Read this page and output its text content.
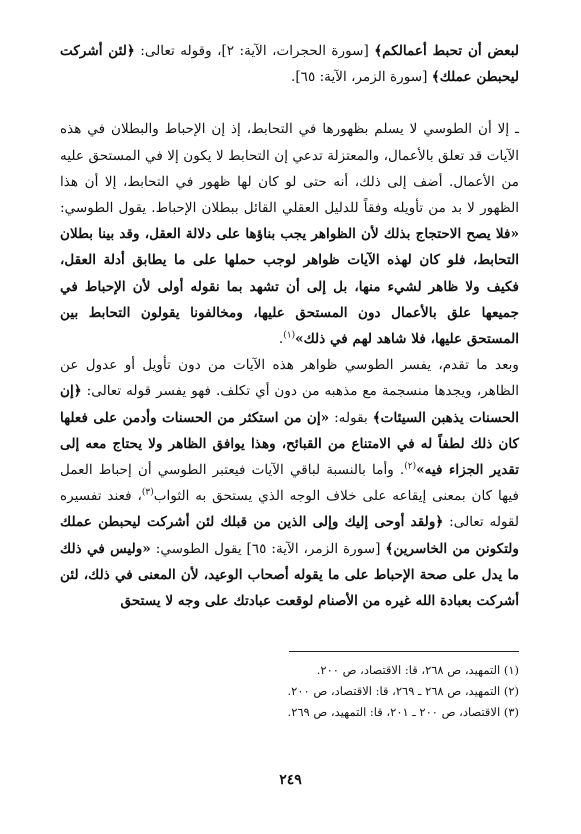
لبعض أن تحبط أعمالكم﴾ [سورة الحجرات، الآية: ٢]، وقوله تعالى: ﴿لئن أشركت ليحبطن عملك﴾ [سورة الزمر، الآية: ٦٥].

ـ إلا أن الطوسي لا يسلم بظهورها في التحابط، إذ إن الإحباط والبطلان في هذه الآيات قد تعلق بالأعمال، والمعتزلة تدعي إن التحابط لا يكون إلا في المستحق عليه من الأعمال. أضف إلى ذلك، أنه حتى لو كان لها ظهور في التحابط، إلا أن هذا الظهور لا بد من تأويله وفقاً للدليل العقلي القائل ببطلان الإحباط. يقول الطوسي: «فلا يصح الاحتجاج بذلك لأن الظواهر يجب بناؤها على دلالة العقل، وقد بينا بطلان التحابط، فلو كان لهذه الآيات ظواهر لوجب حملها على ما يطابق أدلة العقل، فكيف ولا ظاهر لشيء منها، بل إلى أن تشهد بما نقوله أولى لأن الإحباط في جميعها علق بالأعمال دون المستحق عليها، ومخالفونا يقولون التحابط بين المستحق عليها، فلا شاهد لهم في ذلك»$^{(١)}$.

وبعد ما تقدم، يفسر الطوسي ظواهر هذه الآيات من دون تأويل أو عدول عن الظاهر، ويجدها منسجمة مع مذهبه من دون أي تكلف. فهو يفسر قوله تعالى: ﴿إن الحسنات يذهبن السيئات﴾ بقوله: «إن من استكثر من الحسنات وأدمن على فعلها كان ذلك لطفاً له في الامتناع من القبائح، وهذا يوافق الظاهر ولا يحتاج معه إلى تقدير الجزاء فيه»$^{(٢)}$. وأما بالنسبة لباقي الآيات فيعتبر الطوسي أن إحباط العمل فيها كان بمعنى إيقاعه على خلاف الوجه الذي يستحق به الثواب$^{(٣)}$، فعند تفسيره لقوله تعالى: ﴿ولقد أوحى إليك وإلى الذين من قبلك لئن أشركت ليحبطن عملك ولتكونن من الخاسرين﴾ [سورة الزمر، الآية: ٦٥] يقول الطوسي: «وليس في ذلك ما يدل على صحة الإحباط على ما يقوله أصحاب الوعيد، لأن المعنى في ذلك، لئن أشركت بعبادة الله غيره من الأصنام لوقعت عبادتك على وجه لا يستحق

(١) التمهيد، ص ٢٦٨، قا: الاقتصاد، ص ٢٠٠.
(٢) التمهيد، ص ٢٦٨ ـ ٢٦٩، قا: الاقتصاد، ص ٢٠٠.
(٣) الاقتصاد، ص ٢٠٠ ـ ٢٠١، قا: التمهيد، ص ٢٦٩.
٢٤٩
